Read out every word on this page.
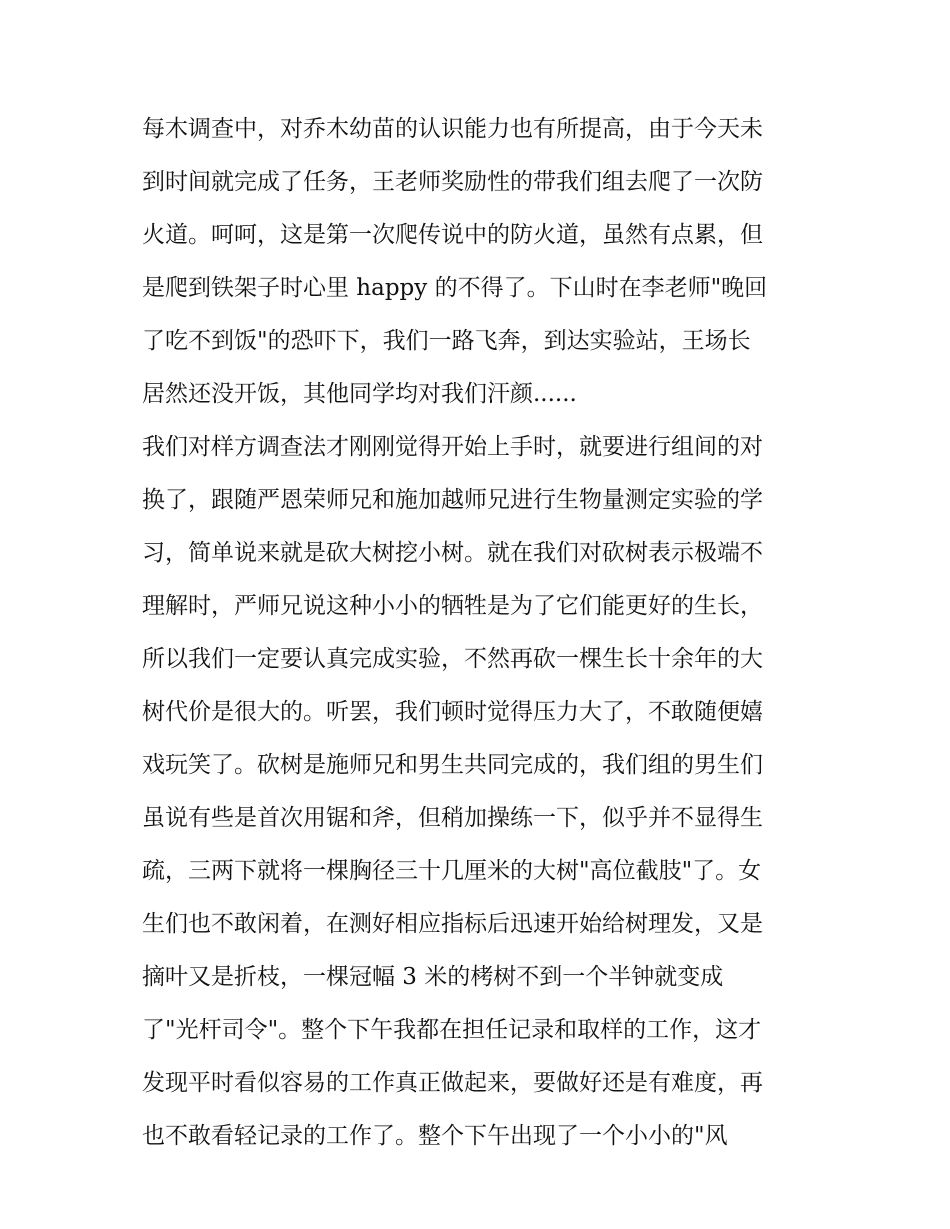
每木调查中，对乔木幼苗的认识能力也有所提高，由于今天未
到时间就完成了任务，王老师奖励性的带我们组去爬了一次防
火道。呵呵，这是第一次爬传说中的防火道，虽然有点累，但
是爬到铁架子时心里 happy 的不得了。下山时在李老师"晚回
了吃不到饭"的恐吓下，我们一路飞奔，到达实验站，王场长
居然还没开饭，其他同学均对我们汗颜......
我们对样方调查法才刚刚觉得开始上手时，就要进行组间的对
换了，跟随严恩荣师兄和施加越师兄进行生物量测定实验的学
习，简单说来就是砍大树挖小树。就在我们对砍树表示极端不
理解时，严师兄说这种小小的牺牲是为了它们能更好的生长，
所以我们一定要认真完成实验，不然再砍一棵生长十余年的大
树代价是很大的。听罢，我们顿时觉得压力大了，不敢随便嬉
戏玩笑了。砍树是施师兄和男生共同完成的，我们组的男生们
虽说有些是首次用锯和斧，但稍加操练一下，似乎并不显得生
疏，三两下就将一棵胸径三十几厘米的大树"高位截肢"了。女
生们也不敢闲着，在测好相应指标后迅速开始给树理发，又是
摘叶又是折枝，一棵冠幅 3 米的栲树不到一个半钟就变成
了"光杆司令"。整个下午我都在担任记录和取样的工作，这才
发现平时看似容易的工作真正做起来，要做好还是有难度，再
也不敢看轻记录的工作了。整个下午出现了一个小小的"风
